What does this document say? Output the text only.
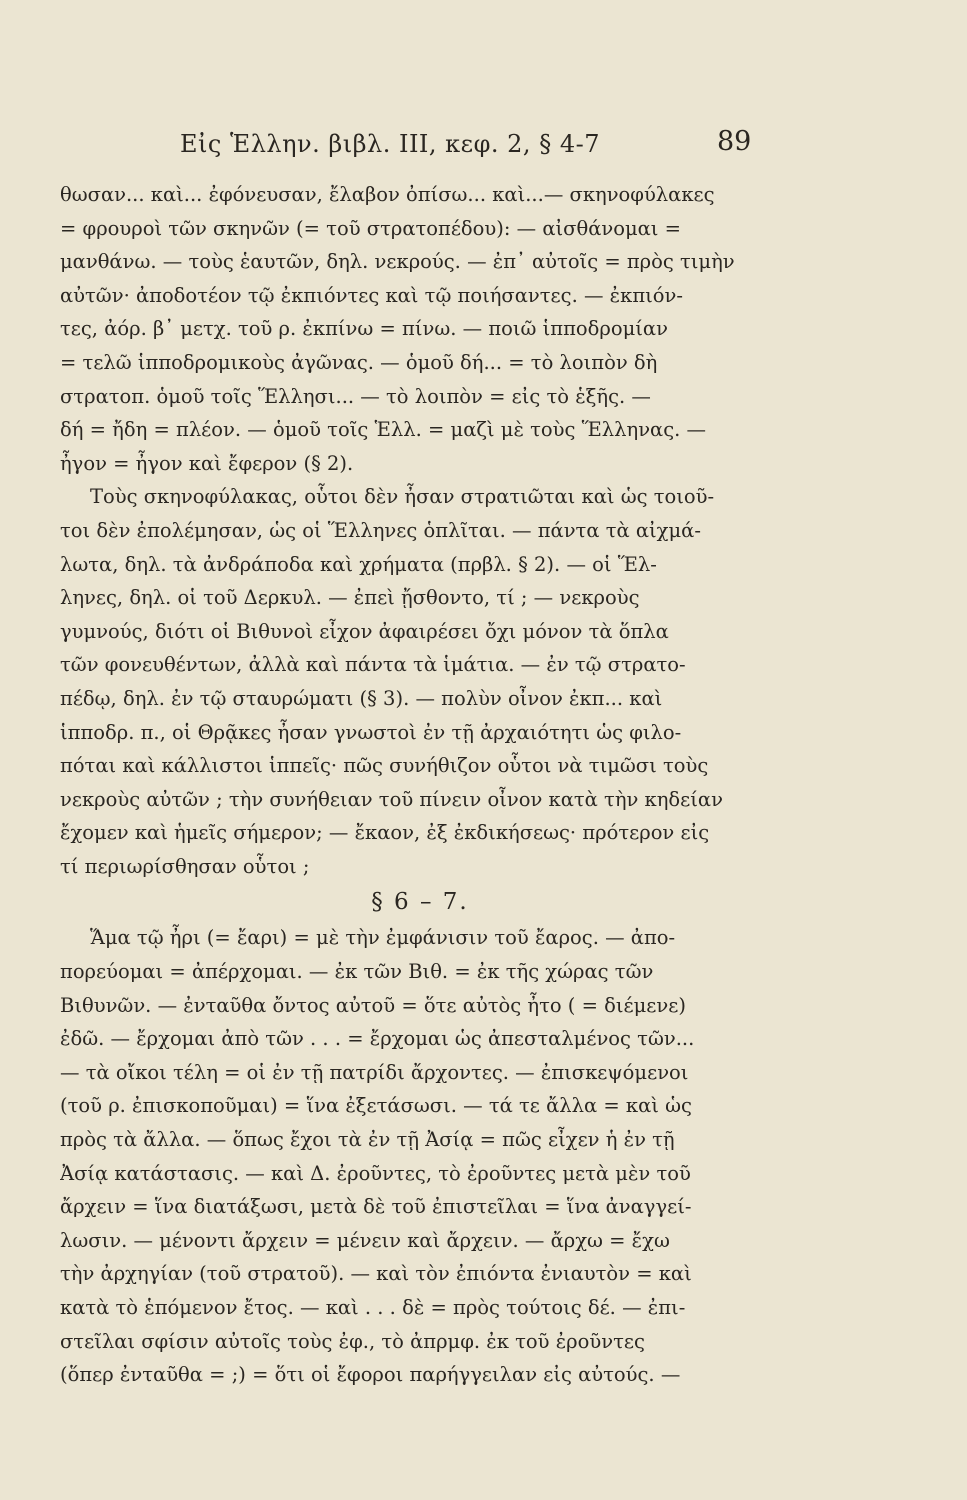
Εἰς Ἑλλην. βιβλ. ΙΙΙ, κεφ. 2, § 4-7	89
θωσαν... καὶ... ἐφόνευσαν, ἔλαβον ὀπίσω... καὶ...— σκηνοφύλακες
= φρουροὶ τῶν σκηνῶν (= τοῦ στρατοπέδου): — αἰσθάνομαι =
μανθάνω. — τοὺς ἑαυτῶν, δηλ. νεκρούς. — ἐπ᾽ αὐτοῖς = πρὸς τιμὴν
αὐτῶν· ἀποδοτέον τῷ ἐκπιόντες καὶ τῷ ποιήσαντες. — ἐκπιόν-
τες, ἀόρ. β᾽ μετχ. τοῦ ρ. ἐκπίνω = πίνω. — ποιῶ ἱπποδρομίαν
= τελῶ ἱπποδρομικοὺς ἀγῶνας. — ὁμοῦ δή... = τὸ λοιπὸν δὴ
στρατοπ. ὁμοῦ τοῖς Ἕλλησι... — τὸ λοιπὸν = εἰς τὸ ἑξῆς. —
δή = ἤδη = πλέον. — ὁμοῦ τοῖς Ἑλλ. = μαζὶ μὲ τοὺς Ἕλληνας. —
ἦγον = ἦγον καὶ ἔφερον (§ 2).
Τοὺς σκηνοφύλακας, οὗτοι δὲν ἦσαν στρατιῶται καὶ ὡς τοιοῦ-
τοι δὲν ἐπολέμησαν, ὡς οἱ Ἕλληνες ὁπλῖται. — πάντα τὰ αἰχμά-
λωτα, δηλ. τὰ ἀνδράποδα καὶ χρήματα (πρβλ. § 2). — οἱ Ἕλ-
ληνες, δηλ. οἱ τοῦ Δερκυλ. — ἐπεὶ ᾔσθοντο, τί ; — νεκροὺς
γυμνούς, διότι οἱ Βιθυνοὶ εἶχον ἀφαιρέσει ὄχι μόνον τὰ ὅπλα
τῶν φονευθέντων, ἀλλὰ καὶ πάντα τὰ ἱμάτια. — ἐν τῷ στρατο-
πέδῳ, δηλ. ἐν τῷ σταυρώματι (§ 3). — πολὺν οἶνον ἐκπ... καὶ
ἱπποδρ. π., οἱ Θρᾷκες ἦσαν γνωστοὶ ἐν τῇ ἀρχαιότητι ὡς φιλο-
πόται καὶ κάλλιστοι ἱππεῖς· πῶς συνήθιζον οὗτοι νὰ τιμῶσι τοὺς
νεκροὺς αὐτῶν ; τὴν συνήθειαν τοῦ πίνειν οἶνον κατὰ τὴν κηδείαν
ἔχομεν καὶ ἡμεῖς σήμερον; — ἔκαον, ἐξ ἐκδικήσεως· πρότερον εἰς
τί περιωρίσθησαν οὗτοι ;
§ 6 – 7.
Ἅμα τῷ ἦρι (= ἔαρι) = μὲ τὴν ἐμφάνισιν τοῦ ἔαρος. — ἀπο-
πορεύομαι = ἀπέρχομαι. — ἐκ τῶν Βιθ. = ἐκ τῆς χώρας τῶν
Βιθυνῶν. — ἐνταῦθα ὄντος αὐτοῦ = ὅτε αὐτὸς ἦτο ( = διέμενε)
ἐδῶ. — ἔρχομαι ἀπὸ τῶν . . . = ἔρχομαι ὡς ἀπεσταλμένος τῶν...
— τὰ οἴκοι τέλη = οἱ ἐν τῇ πατρίδι ἄρχοντες. — ἐπισκεψόμενοι
(τοῦ ρ. ἐπισκοποῦμαι) = ἵνα ἐξετάσωσι. — τά τε ἄλλα = καὶ ὡς
πρὸς τὰ ἄλλα. — ὅπως ἔχοι τὰ ἐν τῇ Ἀσίᾳ = πῶς εἶχεν ἡ ἐν τῇ
Ἀσίᾳ κατάστασις. — καὶ Δ. ἐροῦντες, τὸ ἐροῦντες μετὰ μὲν τοῦ
ἄρχειν = ἵνα διατάξωσι, μετὰ δὲ τοῦ ἐπιστεῖλαι = ἵνα ἀναγγεί-
λωσιν. — μένοντι ἄρχειν = μένειν καὶ ἄρχειν. — ἄρχω = ἔχω
τὴν ἀρχηγίαν (τοῦ στρατοῦ). — καὶ τὸν ἐπιόντα ἐνιαυτὸν = καὶ
κατὰ τὸ ἑπόμενον ἔτος. — καὶ . . . δὲ = πρὸς τούτοις δέ. — ἐπι-
στεῖλαι σφίσιν αὐτοῖς τοὺς ἐφ., τὸ ἀπρμφ. ἐκ τοῦ ἐροῦντες
(ὅπερ ἐνταῦθα = ;) = ὅτι οἱ ἔφοροι παρήγγειλαν εἰς αὐτούς. —
